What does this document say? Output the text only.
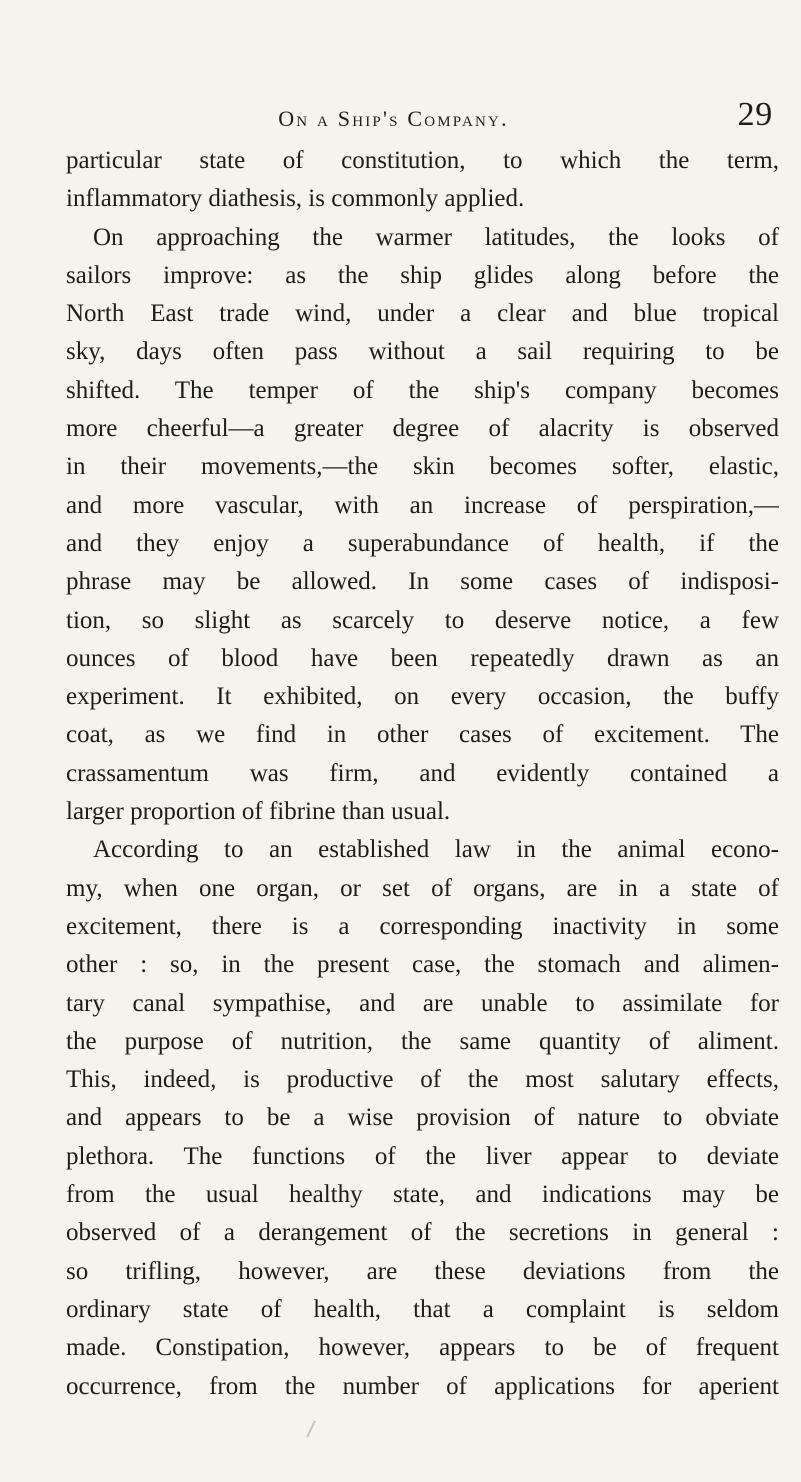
On a Ship's Company.	29
particular state of constitution, to which the term,
inflammatory diathesis, is commonly applied.
On approaching the warmer latitudes, the looks of
sailors improve: as the ship glides along before the
North East trade wind, under a clear and blue tropical
sky, days often pass without a sail requiring to be
shifted. The temper of the ship's company becomes
more cheerful—a greater degree of alacrity is observed
in their movements,—the skin becomes softer, elastic,
and more vascular, with an increase of perspiration,—
and they enjoy a superabundance of health, if the
phrase may be allowed. In some cases of indisposi-
tion, so slight as scarcely to deserve notice, a few
ounces of blood have been repeatedly drawn as an
experiment. It exhibited, on every occasion, the buffy
coat, as we find in other cases of excitement. The
crassamentum was firm, and evidently contained a
larger proportion of fibrine than usual.
According to an established law in the animal econo-
my, when one organ, or set of organs, are in a state of
excitement, there is a corresponding inactivity in some
other : so, in the present case, the stomach and alimen-
tary canal sympathise, and are unable to assimilate for
the purpose of nutrition, the same quantity of aliment.
This, indeed, is productive of the most salutary effects,
and appears to be a wise provision of nature to obviate
plethora. The functions of the liver appear to deviate
from the usual healthy state, and indications may be
observed of a derangement of the secretions in general :
so trifling, however, are these deviations from the
ordinary state of health, that a complaint is seldom
made. Constipation, however, appears to be of frequent
occurrence, from the number of applications for aperient
